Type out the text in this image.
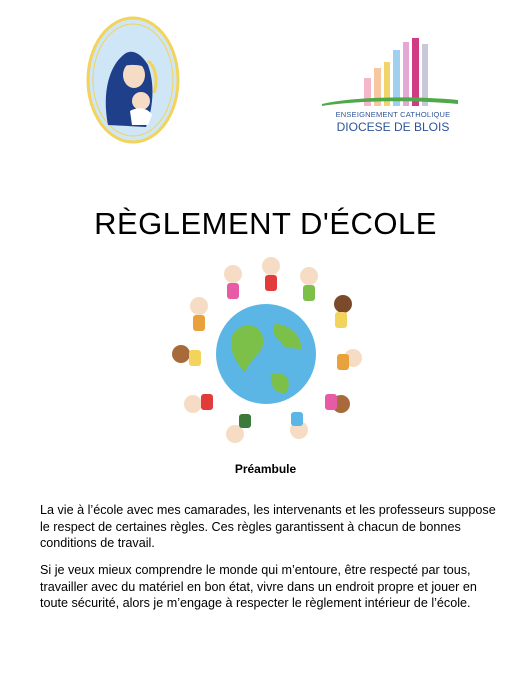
ENSEIGNEMENT CATHOLIQUE
DIOCESE DE BLOIS
RÈGLEMENT D'ÉCOLE
Préambule
La vie à l’école avec mes camarades, les intervenants et les professeurs suppose le respect de certaines règles. Ces règles garantissent à chacun de bonnes conditions de travail.
Si je veux mieux comprendre le monde qui m’entoure, être respecté par tous, travailler avec du matériel en bon état, vivre dans un endroit propre et jouer en toute sécurité, alors je m’engage à respecter le règlement intérieur de l’école.
